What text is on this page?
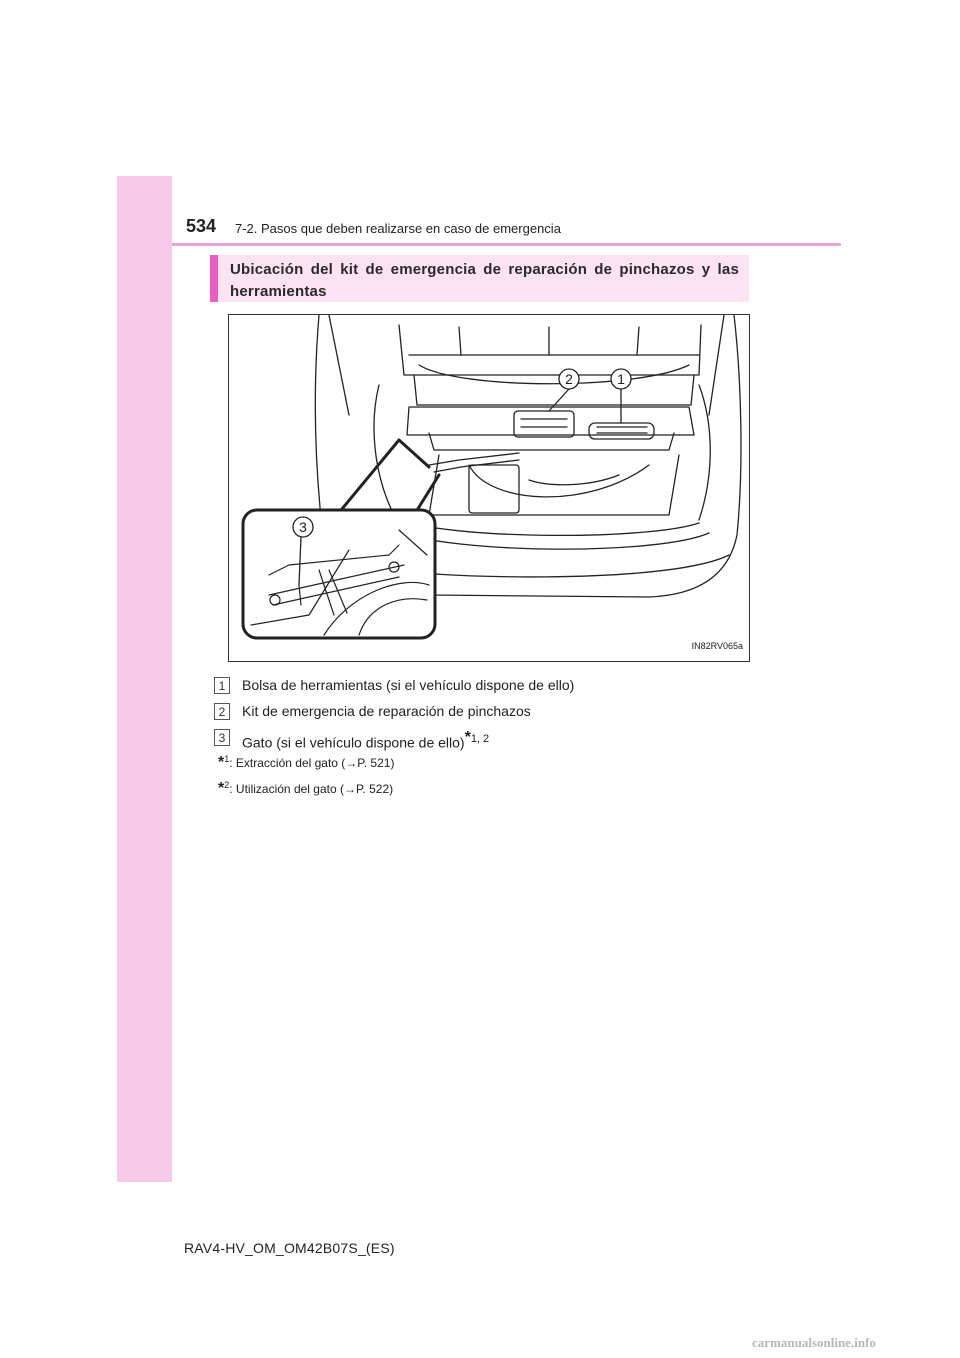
534 7-2. Pasos que deben realizarse en caso de emergencia
Ubicación del kit de emergencia de reparación de pinchazos y las herramientas
2	1
3
IN82RV065a
1	Bolsa de herramientas (si el vehículo dispone de ello)
2	Kit de emergencia de reparación de pinchazos
3	Gato (si el vehículo dispone de ello)$^{*1, 2}$
*$^1$: Extracción del gato (→P. 521)
*$^2$: Utilización del gato (→P. 522)
RAV4-HV_OM_OM42B07S_(ES)
carmanualsonline.info
